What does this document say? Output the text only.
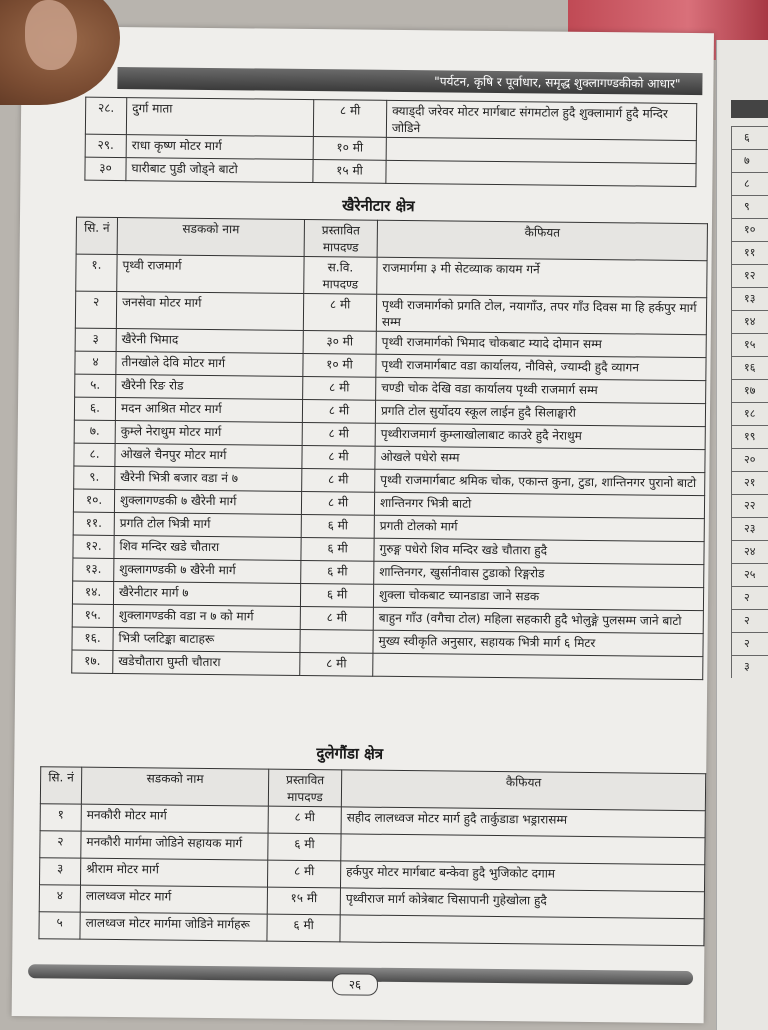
६
७
८
९
१०
११
१२
१३
१४
१५
१६
१७
१८
१९
२०
२१
२२
२३
२४
२५
२
२
२
३
"पर्यटन, कृषि र पूर्वाधार, समृद्ध शुक्लागण्डकीको आधार"
२८.	दुर्गा माता	८ मी	क्याड्दी जरेवर मोटर मार्गबाट संगमटोल हुदै शुक्लामार्ग हुदै मन्दिर जोडिने
२९.	राधा कृष्ण मोटर मार्ग	१० मी	
३०	घारीबाट पुडी जोड्ने बाटो	१५ मी	
खैरेनीटार क्षेत्र
सि. नं	सडकको नाम	प्रस्तावित मापदण्ड	कैफियत
१.	पृथ्वी राजमार्ग	स.वि. मापदण्ड	राजमार्गमा ३ मी सेटव्याक कायम गर्ने
२	जनसेवा मोटर मार्ग	८ मी	पृथ्वी राजमार्गको प्रगति टोल, नयागाँउ, तपर गाँउ दिवस मा हि हर्कपुर मार्ग सम्म
३	खैरेनी भिमाद	३० मी	पृथ्वी राजमार्गको भिमाद चोकबाट म्यादे दोमान सम्म
४	तीनखोले देवि मोटर मार्ग	१० मी	पृथ्वी राजमार्गबाट वडा कार्यालय, नौविसे, ज्याम्दी हुदै व्यागन
५.	खैरेनी रिङ रोड	८ मी	चण्डी चोक देखि वडा कार्यालय पृथ्वी राजमार्ग सम्म
६.	मदन आश्रित मोटर मार्ग	८ मी	प्रगति टोल सुर्योदय स्कूल लाईन हुदै सिलाङ्घारी
७.	कुम्ले नेराथुम मोटर मार्ग	८ मी	पृथ्वीराजमार्ग कुम्लाखोलाबाट काउरे हुदै नेराथुम
८.	ओखले चैनपुर मोटर मार्ग	८ मी	ओखले पधेरो सम्म
९.	खैरेनी भित्री बजार वडा नं ७	८ मी	पृथ्वी राजमार्गबाट श्रमिक चोक, एकान्त कुना, टुडा, शान्तिनगर पुरानो बाटो
१०.	शुक्लागण्डकी ७ खैरेनी मार्ग	८ मी	शान्तिनगर भित्री बाटो
११.	प्रगति टोल भित्री मार्ग	६ मी	प्रगती टोलको मार्ग
१२.	शिव मन्दिर खडे चौतारा	६ मी	गुरुङ्ग पधेरो शिव मन्दिर खडे चौतारा हुदै
१३.	शुक्लागण्डकी ७ खैरेनी मार्ग	६ मी	शान्तिनगर, खुर्सानीवास टुडाको रिङ्गरोड
१४.	खैरेनीटार मार्ग ७	६ मी	शुक्ला चोकबाट च्यानडाडा जाने सडक
१५.	शुक्लागण्डकी वडा न ७ को मार्ग	८ मी	बाहुन गाँउ (वगैचा टोल) महिला सहकारी हुदै भोलुङ्गे पुलसम्म जाने बाटो
१६.	भित्री प्लटिङ्का बाटाहरू		मुख्य स्वीकृति अनुसार, सहायक भित्री मार्ग ६ मिटर
१७.	खडेचौतारा घुम्ती चौतारा	८ मी	
दुलेगौंडा क्षेत्र
सि. नं	सडकको नाम	प्रस्तावित मापदण्ड	कैफियत
१	मनकौरी मोटर मार्ग	८ मी	सहीद लालध्वज मोटर मार्ग हुदै तार्कुडाडा भड्रारासम्म
२	मनकौरी मार्गमा जोडिने सहायक मार्ग	६ मी	
३	श्रीराम मोटर मार्ग	८ मी	हर्कपुर मोटर मार्गबाट बन्केवा हुदै भुजिकोट दगाम
४	लालध्वज मोटर मार्ग	१५ मी	पृथ्वीराज मार्ग कोत्रेबाट चिसापानी गुहेखोला हुदै
५	लालध्वज मोटर मार्गमा जोडिने मार्गहरू	६ मी	
२६
